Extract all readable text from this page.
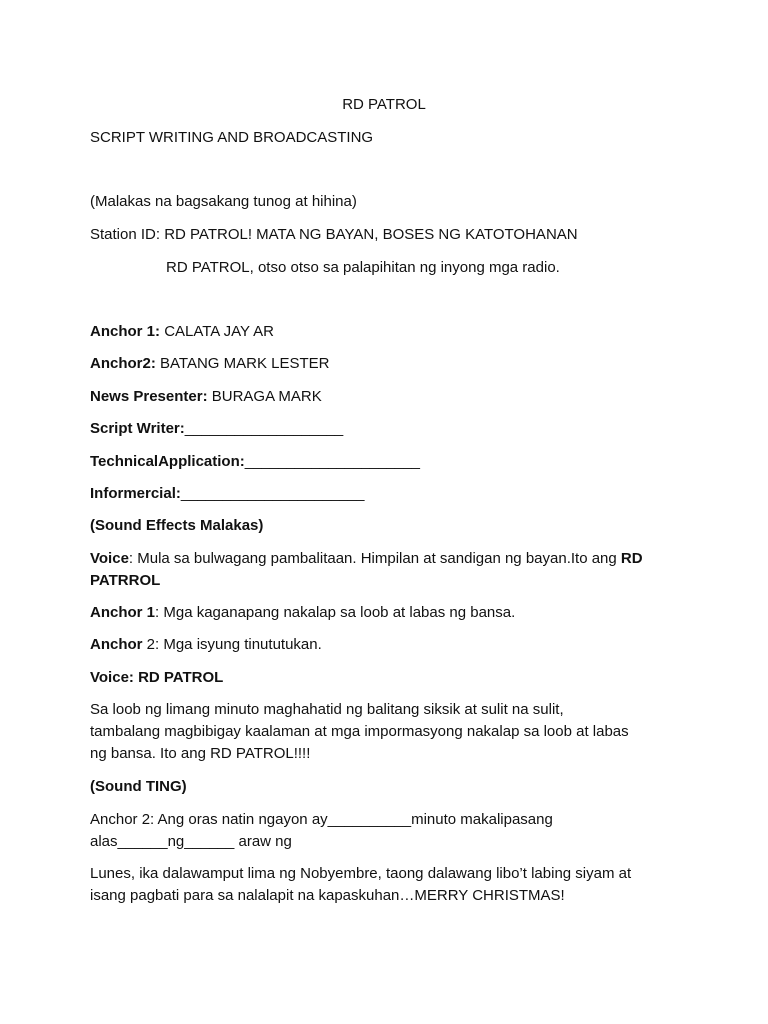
RD PATROL
SCRIPT WRITING AND BROADCASTING
(Malakas na bagsakang tunog at hihina)
Station ID: RD PATROL! MATA NG BAYAN, BOSES NG KATOTOHANAN
RD PATROL, otso otso sa palapihitan ng inyong mga radio.
Anchor 1: CALATA JAY AR
Anchor2: BATANG MARK LESTER
News Presenter: BURAGA MARK
Script Writer:___________________
TechnicalApplication:_____________________
Informercial:______________________
(Sound Effects Malakas)
Voice: Mula sa bulwagang pambalitaan. Himpilan at sandigan ng bayan.Ito ang RD
PATRROL
Anchor 1: Mga kaganapang nakalap sa loob at labas ng bansa.
Anchor 2: Mga isyung tinututukan.
Voice: RD PATROL
Sa loob ng limang minuto maghahatid ng balitang siksik at sulit na sulit,
tambalang magbibigay kaalaman at mga impormasyong nakalap sa loob at labas
ng bansa. Ito ang RD PATROL!!!!
(Sound TING)
Anchor 2: Ang oras natin ngayon ay__________minuto makalipasang
alas______ng______ araw ng
Lunes, ika dalawamput lima ng Nobyembre, taong dalawang libo’t labing siyam at
isang pagbati para sa nalalapit na kapaskuhan…MERRY CHRISTMAS!
